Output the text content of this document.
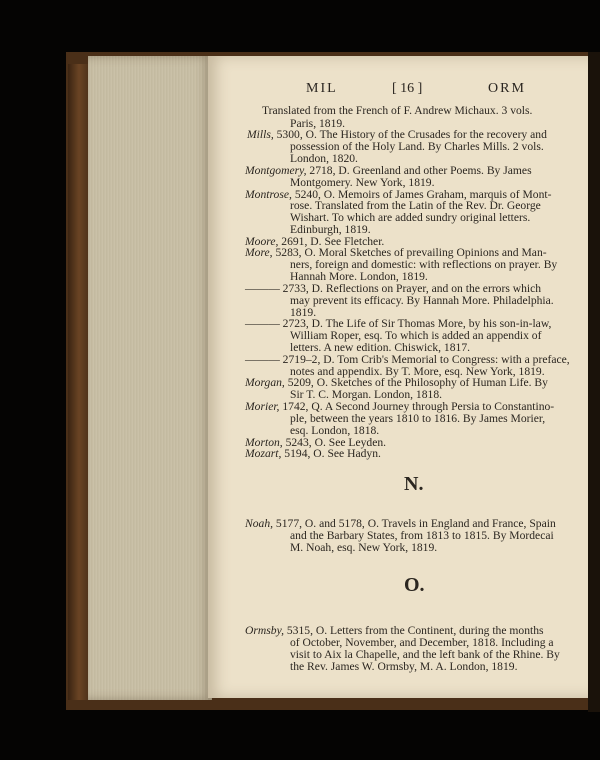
MIL	[ 16 ]	ORM
Translated from the French of F. Andrew Michaux. 3 vols.
Paris, 1819.
Mills, 5300, O. The History of the Crusades for the recovery and
possession of the Holy Land. By Charles Mills. 2 vols.
London, 1820.
Montgomery, 2718, D. Greenland and other Poems. By James
Montgomery. New York, 1819.
Montrose, 5240, O. Memoirs of James Graham, marquis of Mont-
rose. Translated from the Latin of the Rev. Dr. George
Wishart. To which are added sundry original letters.
Edinburgh, 1819.
Moore, 2691, D. See Fletcher.
More, 5283, O. Moral Sketches of prevailing Opinions and Man-
ners, foreign and domestic: with reflections on prayer. By
Hannah More. London, 1819.
——— 2733, D. Reflections on Prayer, and on the errors which
may prevent its efficacy. By Hannah More. Philadelphia.
1819.
——— 2723, D. The Life of Sir Thomas More, by his son-in-law,
William Roper, esq. To which is added an appendix of
letters. A new edition. Chiswick, 1817.
——— 2719–2, D. Tom Crib's Memorial to Congress: with a preface,
notes and appendix. By T. More, esq. New York, 1819.
Morgan, 5209, O. Sketches of the Philosophy of Human Life. By
Sir T. C. Morgan. London, 1818.
Morier, 1742, Q. A Second Journey through Persia to Constantino-
ple, between the years 1810 to 1816. By James Morier,
esq. London, 1818.
Morton, 5243, O. See Leyden.
Mozart, 5194, O. See Hadyn.
N.
Noah, 5177, O. and 5178, O. Travels in England and France, Spain
and the Barbary States, from 1813 to 1815. By Mordecai
M. Noah, esq. New York, 1819.
O.
Ormsby, 5315, O. Letters from the Continent, during the months
of October, November, and December, 1818. Including a
visit to Aix la Chapelle, and the left bank of the Rhine. By
the Rev. James W. Ormsby, M. A. London, 1819.
